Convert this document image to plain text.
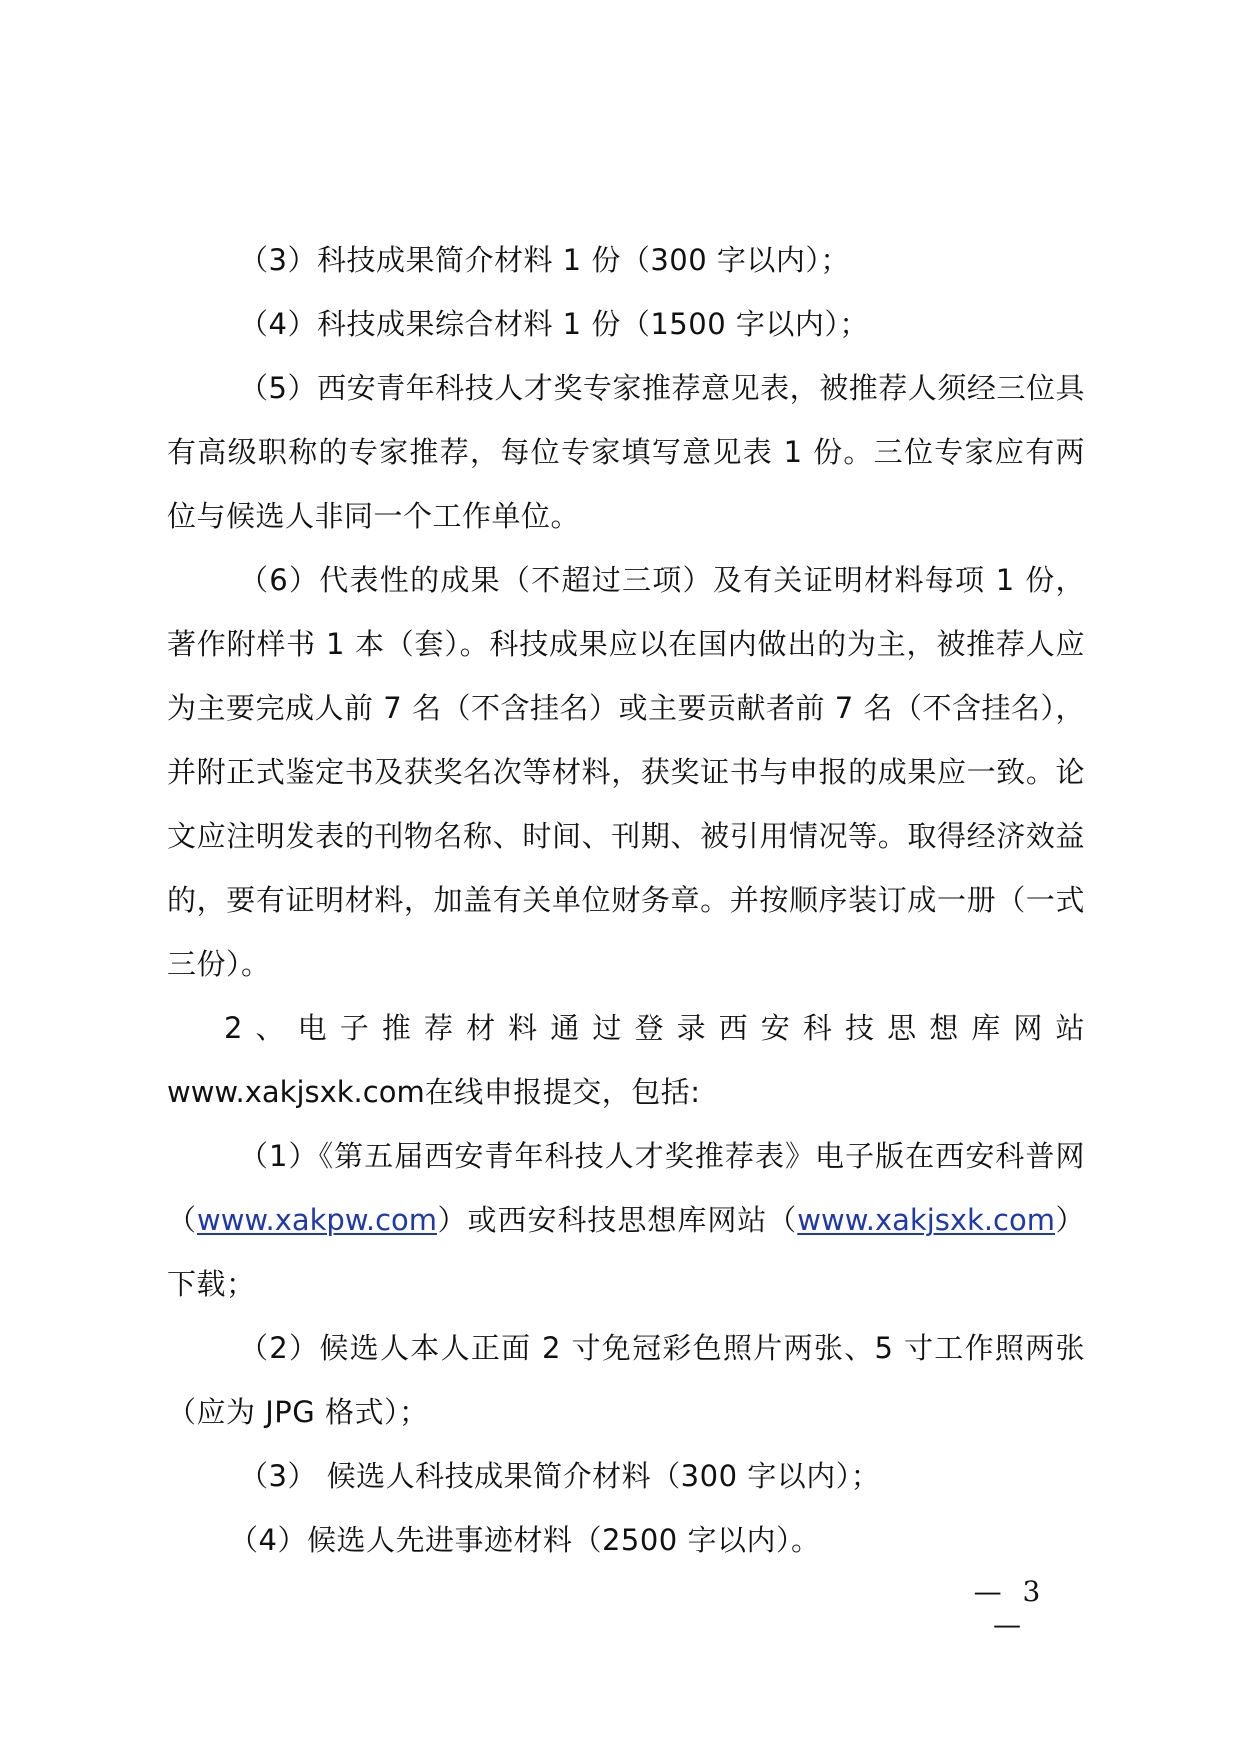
（3）科技成果简介材料 1 份（300 字以内）；

（4）科技成果综合材料 1 份（1500 字以内）；

（5）西安青年科技人才奖专家推荐意见表，被推荐人须经三位具有高级职称的专家推荐，每位专家填写意见表 1 份。三位专家应有两位与候选人非同一个工作单位。

（6）代表性的成果（不超过三项）及有关证明材料每项 1 份，著作附样书 1 本（套）。科技成果应以在国内做出的为主，被推荐人应为主要完成人前 7 名（不含挂名）或主要贡献者前 7 名（不含挂名），并附正式鉴定书及获奖名次等材料，获奖证书与申报的成果应一致。论文应注明发表的刊物名称、时间、刊期、被引用情况等。取得经济效益的，要有证明材料，加盖有关单位财务章。并按顺序装订成一册（一式三份）。

2、电子推荐材料通过登录西安科技思想库网站www.xakjsxk.com在线申报提交，包括:

（1）《第五届西安青年科技人才奖推荐表》电子版在西安科普网（www.xakpw.com）或西安科技思想库网站（www.xakjsxk.com）下载；

（2）候选人本人正面 2 寸免冠彩色照片两张、5 寸工作照两张（应为 JPG 格式）；

（3） 候选人科技成果简介材料（300 字以内）；

（4）候选人先进事迹材料（2500 字以内）。

— 3 —
